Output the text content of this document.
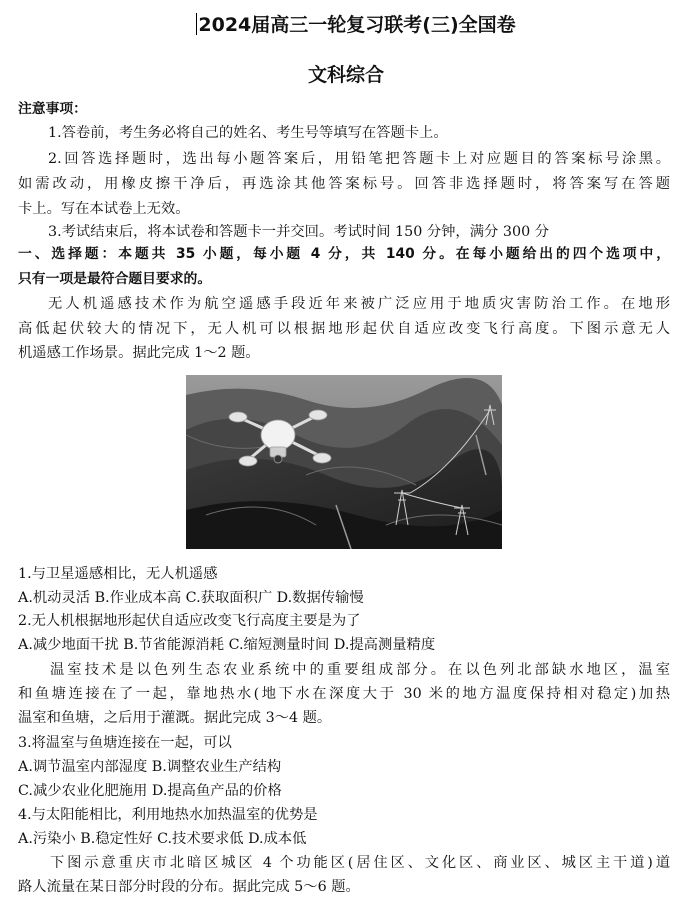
2024届高三一轮复习联考(三)全国卷
文科综合
注意事项：
1.答卷前，考生务必将自己的姓名、考生号等填写在答题卡上。
2.回答选择题时，选出每小题答案后，用铅笔把答题卡上对应题目的答案标号涂黑。
如需改动，用橡皮擦干净后，再选涂其他答案标号。回答非选择题时，将答案写在答题
卡上。写在本试卷上无效。
3.考试结束后，将本试卷和答题卡一并交回。考试时间 150 分钟，满分 300 分
一、选择题：本题共 35 小题，每小题 4 分，共 140 分。在每小题给出的四个选项中，
只有一项是最符合题目要求的。
无人机遥感技术作为航空遥感手段近年来被广泛应用于地质灾害防治工作。在地形
高低起伏较大的情况下，无人机可以根据地形起伏自适应改变飞行高度。下图示意无人
机遥感工作场景。据此完成 1～2 题。
1.与卫星遥感相比，无人机遥感
A.机动灵活 B.作业成本高 C.获取面积广 D.数据传输慢
2.无人机根据地形起伏自适应改变飞行高度主要是为了
A.减少地面干扰 B.节省能源消耗 C.缩短测量时间 D.提高测量精度
温室技术是以色列生态农业系统中的重要组成部分。在以色列北部缺水地区，温室
和鱼塘连接在了一起，靠地热水(地下水在深度大于 30 米的地方温度保持相对稳定)加热
温室和鱼塘，之后用于灌溉。据此完成 3～4 题。
3.将温室与鱼塘连接在一起，可以
A.调节温室内部湿度 B.调整农业生产结构
C.减少农业化肥施用 D.提高鱼产品的价格
4.与太阳能相比，利用地热水加热温室的优势是
A.污染小 B.稳定性好 C.技术要求低 D.成本低
下图示意重庆市北暗区城区 4 个功能区(居住区、文化区、商业区、城区主干道)道
路人流量在某日部分时段的分布。据此完成 5～6 题。
